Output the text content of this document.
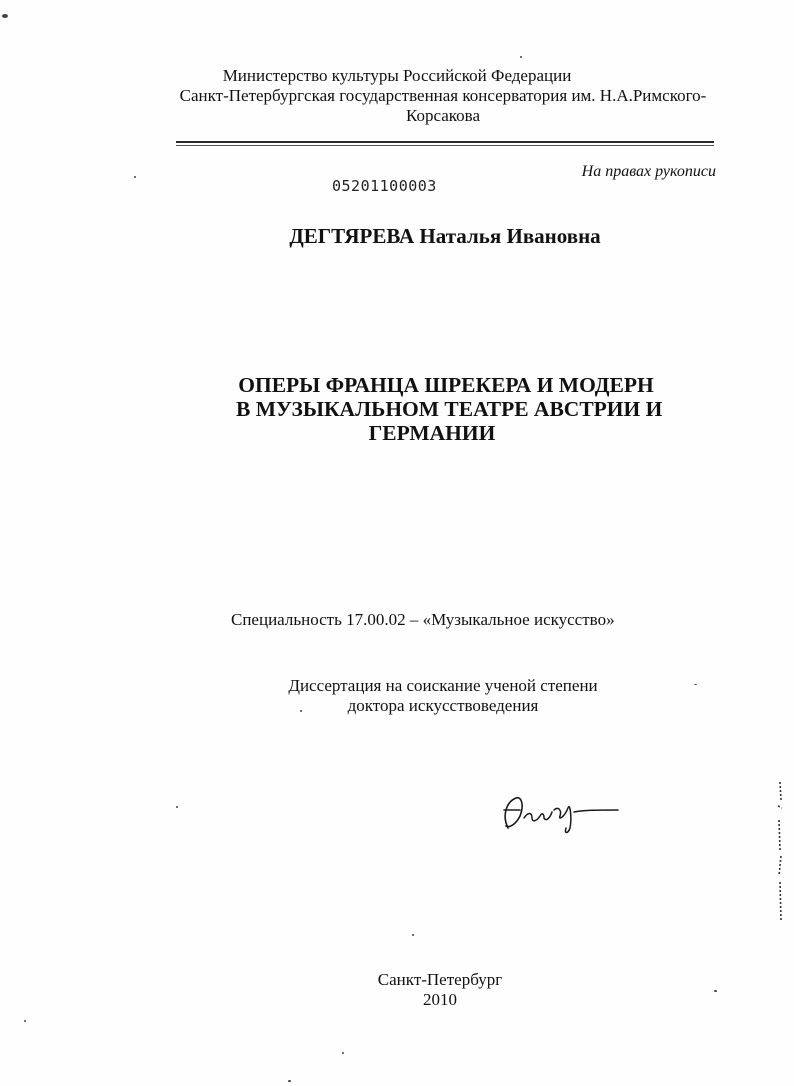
Министерство культуры Российской Федерации
Санкт-Петербургская государственная консерватория им. Н.А.Римского-
Корсакова
На правах рукописи
05201100003
ДЕГТЯРЕВА Наталья Ивановна
ОПЕРЫ ФРАНЦА ШРЕКЕРА И МОДЕРН
В МУЗЫКАЛЬНОМ ТЕАТРЕ АВСТРИИ И
ГЕРМАНИИ
Специальность 17.00.02 – «Музыкальное искусство»
Диссертация на соискание ученой степени
доктора искусствоведения
Санкт-Петербург
2010
